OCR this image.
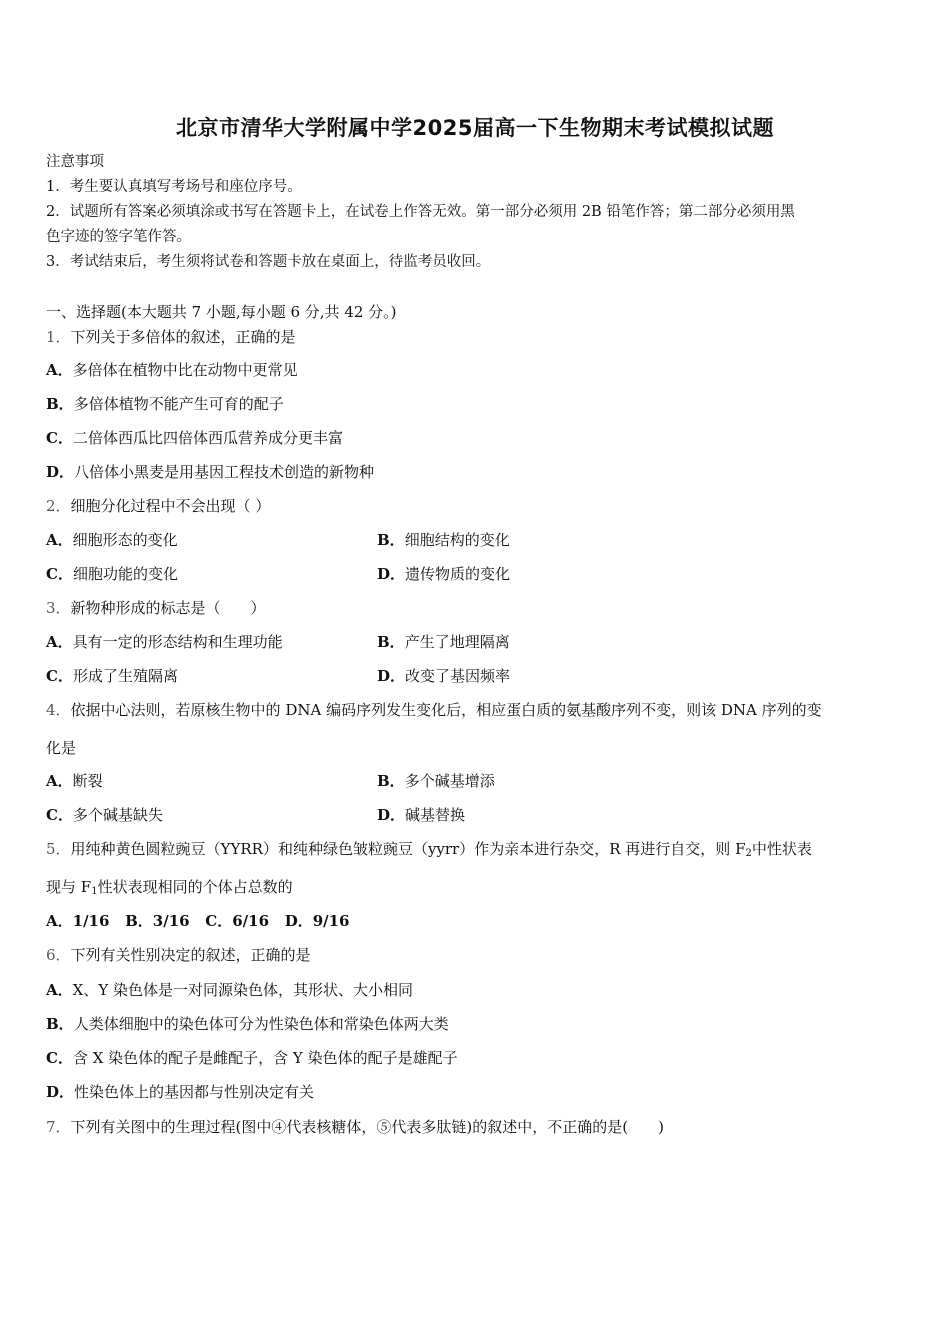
北京市清华大学附属中学2025届高一下生物期末考试模拟试题
注意事项
1．考生要认真填写考场号和座位序号。
2．试题所有答案必须填涂或书写在答题卡上，在试卷上作答无效。第一部分必须用 2B 铅笔作答；第二部分必须用黑
色字迹的签字笔作答。
3．考试结束后，考生须将试卷和答题卡放在桌面上，待监考员收回。
一、选择题(本大题共 7 小题,每小题 6 分,共 42 分。)
1．下列关于多倍体的叙述，正确的是
A．多倍体在植物中比在动物中更常见
B．多倍体植物不能产生可育的配子
C．二倍体西瓜比四倍体西瓜营养成分更丰富
D．八倍体小黑麦是用基因工程技术创造的新物种
2．细胞分化过程中不会出现（ ）
A．细胞形态的变化	B．细胞结构的变化
C．细胞功能的变化	D．遗传物质的变化
3．新物种形成的标志是（　　）
A．具有一定的形态结构和生理功能	B．产生了地理隔离
C．形成了生殖隔离	D．改变了基因频率
4．依据中心法则，若原核生物中的 DNA 编码序列发生变化后，相应蛋白质的氨基酸序列不变，则该 DNA 序列的变
化是
A．断裂	B．多个碱基增添
C．多个碱基缺失	D．碱基替换
5．用纯种黄色圆粒豌豆（YYRR）和纯种绿色皱粒豌豆（yyrr）作为亲本进行杂交，R 再进行自交，则 $F_2$中性状表
现与 $F_1$性状表现相同的个体占总数的
A．1/16 B．3/16 C．6/16 D．9/16
6．下列有关性别决定的叙述，正确的是
A．X、Y 染色体是一对同源染色体，其形状、大小相同
B．人类体细胞中的染色体可分为性染色体和常染色体两大类
C．含 X 染色体的配子是雌配子，含 Y 染色体的配子是雄配子
D．性染色体上的基因都与性别决定有关
7．下列有关图中的生理过程(图中④代表核糖体，⑤代表多肽链)的叙述中，不正确的是(　　)
